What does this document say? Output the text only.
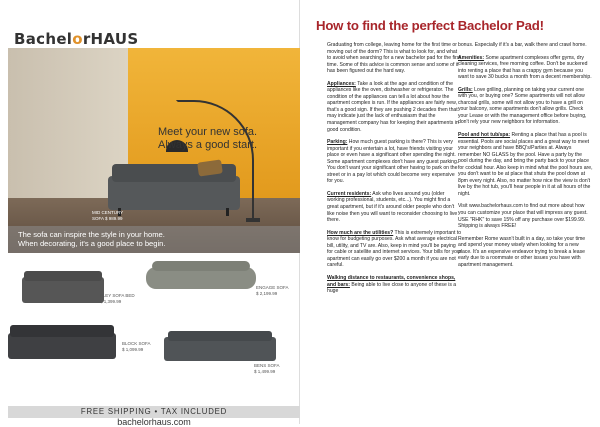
BachelorHAUS
Meet your new sofa.
Always a good start.
MID CENTURY
SOFA $ 989.99
The sofa can inspire the style in your home.
When decorating, it's a good place to begin.
FLEY SOFA BED
$ 1,399.99
ENGAGE SOFA
$ 2,199.99
BLOCK SOFA
$ 1,099.99
BENS SOFA
$ 1,499.99
FREE SHIPPING • TAX INCLUDED
bachelorhaus.com
How to find the perfect Bachelor Pad!

Graduating from college, leaving home for the first time or moving out of the dorm? This is what to look for, and what to avoid when searching for a new bachelor pad for the first time. Some of this advice is common sense and some of it has been figured out the hard way.

Appliances: Take a look at the age and condition of the appliances like the oven, dishwasher or refrigerator. The condition of the appliances can tell a lot about how the apartment complex is run. If the appliances are fairly new, that's a good sign. If they are pushing 2 decades then that may indicate just the lack of enthusiasm that the management company has for keeping their apartments in good condition.

Parking: How much guest parking is there? This is very important if you entertain a lot, have friends visiting your place or even have a significant other spending the night. Some apartment complexes don't have any guest parking. You don't want your significant other having to park on the street or in a pay lot which could become very expensive for you.

Current residents: Ask who lives around you (older working professional, students, etc...). You might find a great apartment, but if it's around older people who don't like noise then you will want to reconsider choosing to live there.

How much are the utilities? This is extremely important to know for budgeting purposes. Ask what average electrical bill, utility, and TV are. Also, keep in mind you'll be paying for cable or satellite and internet services. Your bills for your apartment can easily go over $200 a month if you are not careful.

Walking distance to restaurants, convenience shops, and bars: Being able to live close to anyone of these is a huge

bonus. Especially if it's a bar, walk there and crawl home.

Amenities: Some apartment complexes offer gyms, dry cleaning services, free morning coffee. Don't be suckered into renting a place that has a crappy gym because you want to save 30 bucks a month from a decent membership.

Grills: Love grilling, planning on taking your current one with you, or buying one? Some apartments will not allow charcoal grills, some will not allow you to have a grill on your balcony, some apartments don't allow grills. Check your Lease or with the management office before buying, don't rely your new neighbors for information.

Pool and hot tub/spa: Renting a place that has a pool is essential. Pools are social places and a great way to meet your neighbors and have BBQ's/Parties at. Always remember NO GLASS by the pool. Have a party by the pool during the day, and bring the party back to your place for cocktail hour. Also keep in mind what the pool hours are, you don't want to be at place that shuts the pool down at 8pm every night. Also, no matter how nice the view is don't live by the hot tub, you'll hear people in it at all hours of the night.

Visit www.bachelorhaus.com to find out more about how you can customize your place that will impress any guest. USE "RHK" to save 15% off any purchase over $199.99. Shipping is always FREE!

Remember Rome wasn't built in a day, so take your time and spend your money wisely when looking for a new place. It's an expensive endeavor trying to break a lease early due to a roommate or other issues you have with apartment management.
